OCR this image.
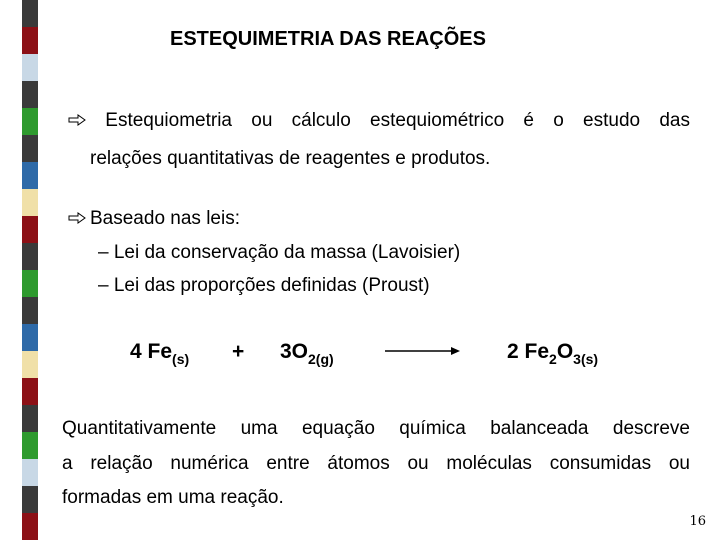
ESTEQUIMETRIA DAS REAÇÕES
Estequiometria ou cálculo estequiométrico é o estudo das
relações quantitativas de reagentes e produtos.
Baseado nas leis:
– Lei da conservação da massa (Lavoisier)
– Lei das proporções definidas (Proust)
4 $Fe_{(s)} + 3O_{2(g)}$	2 $Fe_2O_{3(s)}$
Quantitativamente uma equação química balanceada descreve
a relação numérica entre átomos ou moléculas consumidas ou
formadas em uma reação.
16
